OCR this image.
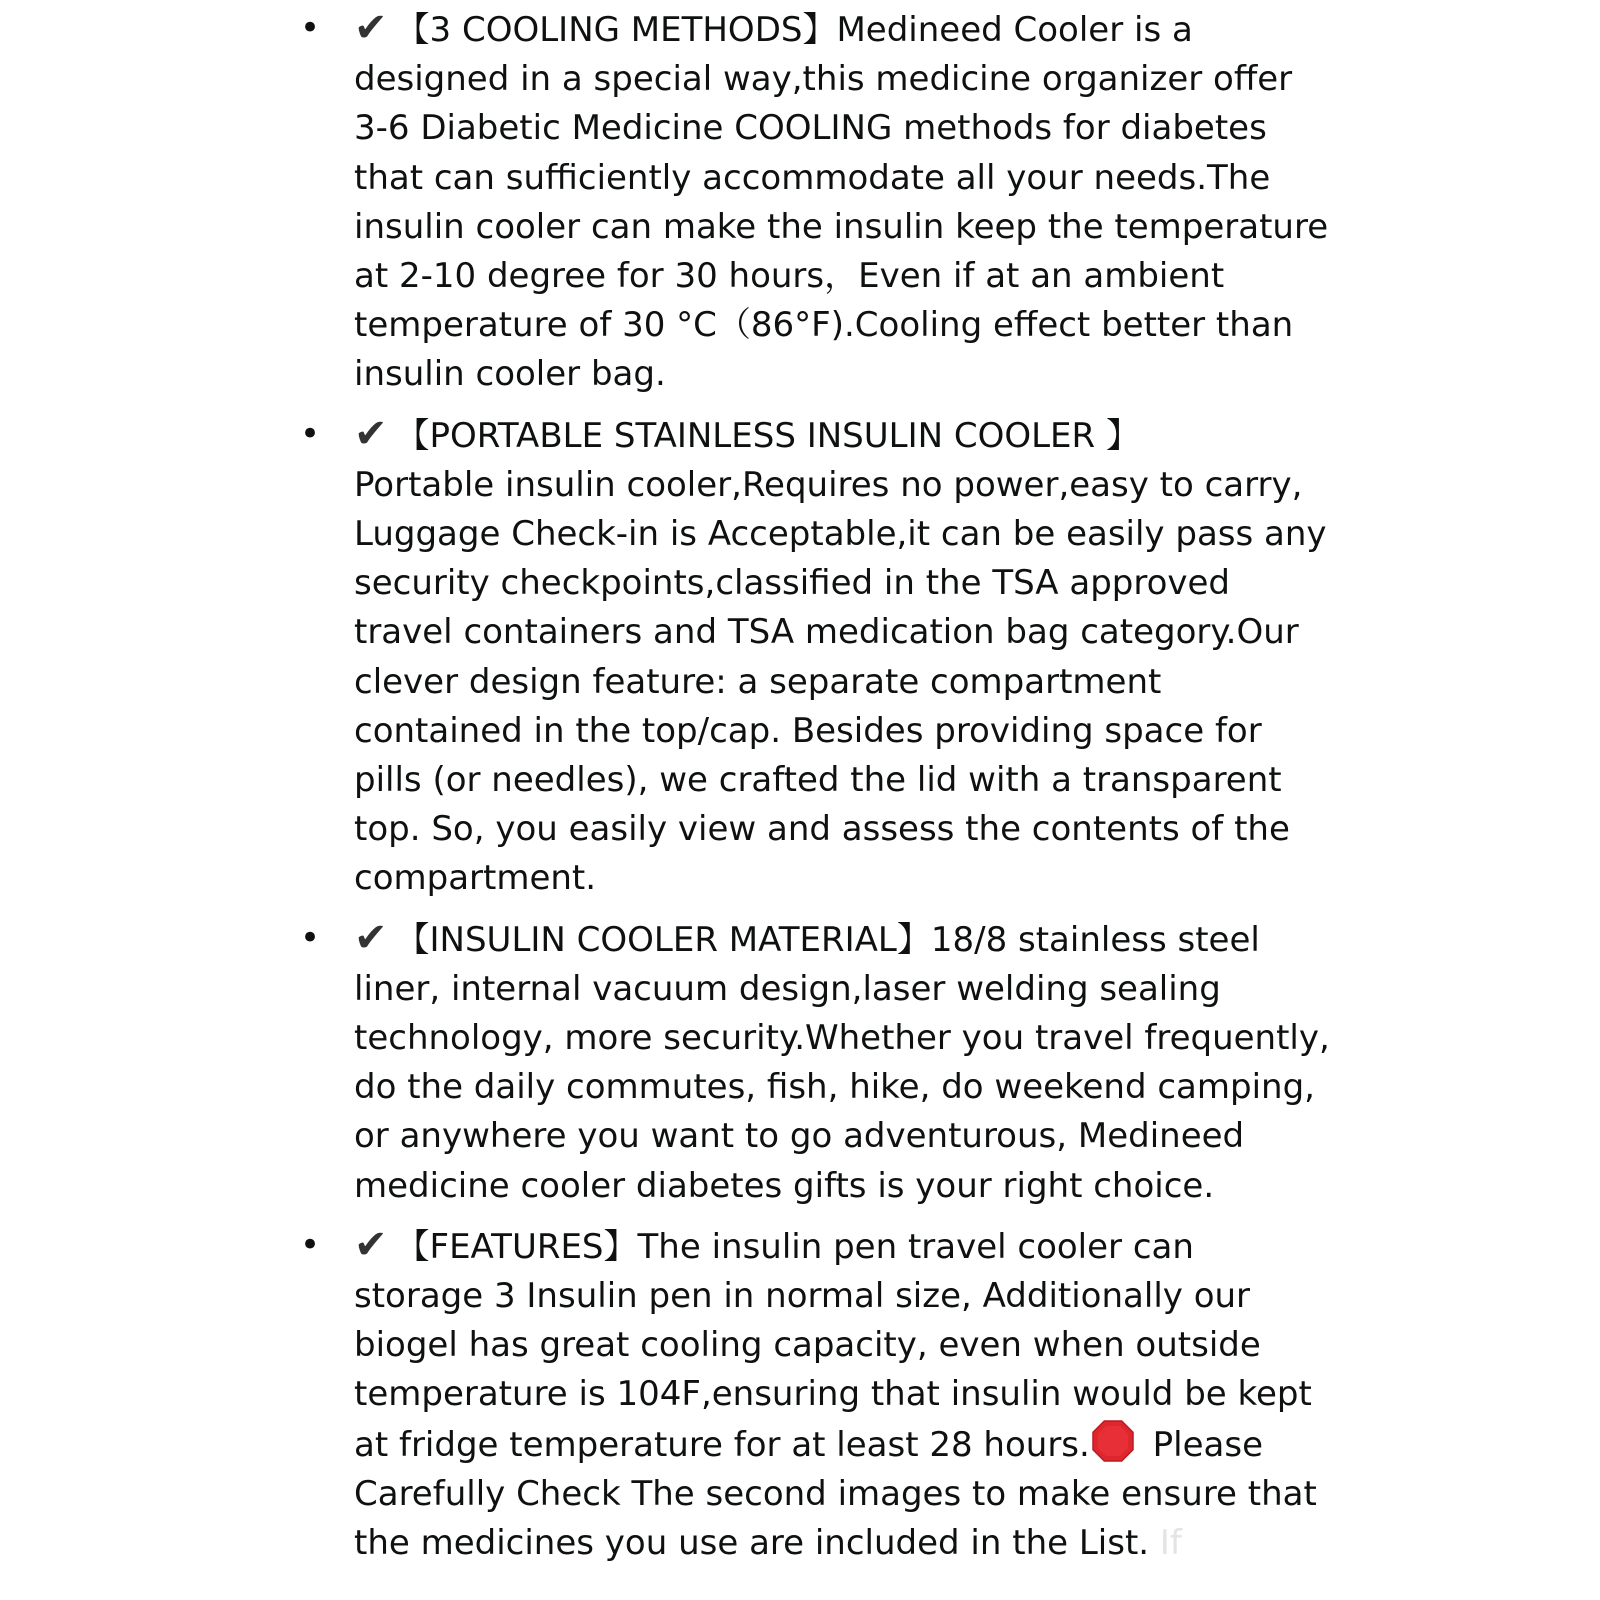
• ✔ 【3 COOLING METHODS】Medineed Cooler is a designed in a special way,this medicine organizer offer 3-6 Diabetic Medicine COOLING methods for diabetes that can sufficiently accommodate all your needs.The insulin cooler can make the insulin keep the temperature at 2-10 degree for 30 hours，Even if at an ambient temperature of 30 °C（86°F).Cooling effect better than insulin cooler bag.
• ✔ 【PORTABLE STAINLESS INSULIN COOLER 】
Portable insulin cooler,Requires no power,easy to carry, Luggage Check-in is Acceptable,it can be easily pass any security checkpoints,classified in the TSA approved travel containers and TSA medication bag category.Our clever design feature: a separate compartment contained in the top/cap. Besides providing space for pills (or needles), we crafted the lid with a transparent top. So, you easily view and assess the contents of the compartment.
• ✔ 【INSULIN COOLER MATERIAL】18/8 stainless steel liner, internal vacuum design,laser welding sealing technology, more security.Whether you travel frequently, do the daily commutes, fish, hike, do weekend camping, or anywhere you want to go adventurous, Medineed medicine cooler diabetes gifts is your right choice.
• ✔ 【FEATURES】The insulin pen travel cooler can storage 3 Insulin pen in normal size, Additionally our biogel has great cooling capacity, even when outside temperature is 104F,ensuring that insulin would be kept at fridge temperature for at least 28 hours.
Please Carefully Check The second images to make ensure that the medicines you use are included in the List. If
